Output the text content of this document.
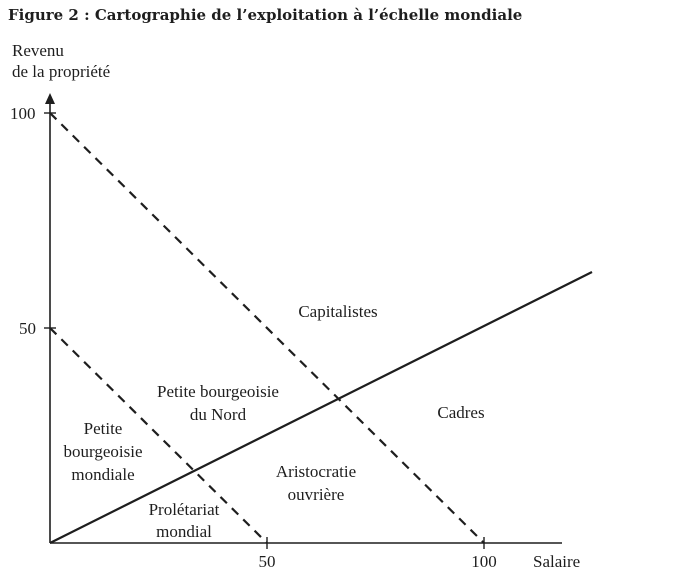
Figure 2 : Cartographie de l’exploitation à l’échelle mondiale
Revenu
de la propriété
100
50
50	100 Salaire
Capitalistes
Petite bourgeoisie
du Nord	Cadres
Petite
bourgeoisie
mondiale	Aristocratie
ouvrière
Prolétariat
mondial
